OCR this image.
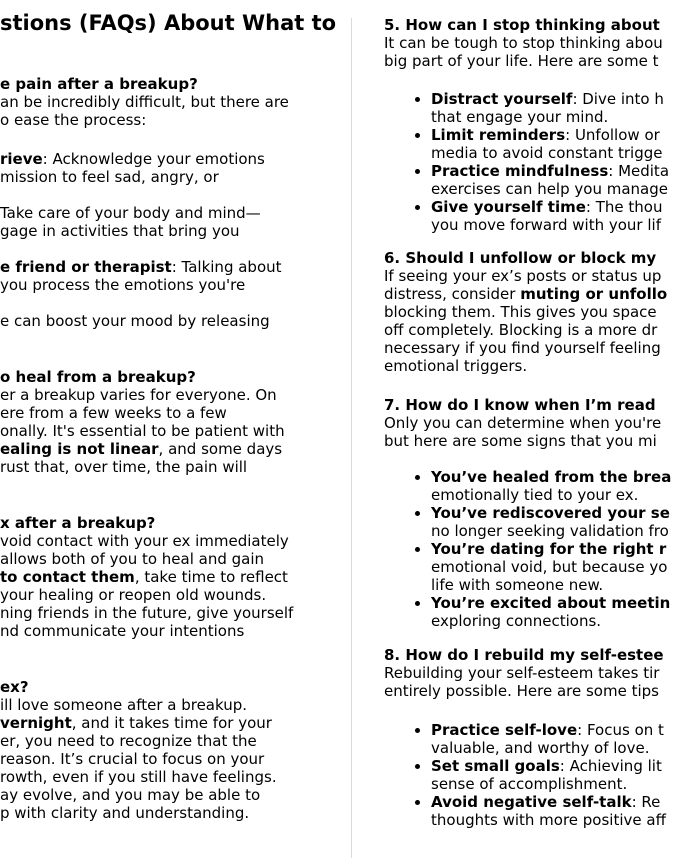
stions (FAQs) About What to
e pain after a breakup?
an be incredibly difficult, but there are
o ease the process:
rieve: Acknowledge your emotions
mission to feel sad, angry, or
Take care of your body and mind—
gage in activities that bring you
e friend or therapist: Talking about
you process the emotions you're
e can boost your mood by releasing
o heal from a breakup?
er a breakup varies for everyone. On
ere from a few weeks to a few
onally. It's essential to be patient with
ealing is not linear, and some days
rust that, over time, the pain will
x after a breakup?
void contact with your ex immediately
allows both of you to heal and gain
to contact them, take time to reflect
your healing or reopen old wounds.
ning friends in the future, give yourself
nd communicate your intentions
ex?
ill love someone after a breakup.
vernight, and it takes time for your
er, you need to recognize that the
reason. It’s crucial to focus on your
rowth, even if you still have feelings.
ay evolve, and you may be able to
p with clarity and understanding.
5. How can I stop thinking about
It can be tough to stop thinking abou
big part of your life. Here are some t
• Distract yourself: Dive into h
that engage your mind.
• Limit reminders: Unfollow or
media to avoid constant trigge
• Practice mindfulness: Medita
exercises can help you manage
• Give yourself time: The thou
you move forward with your lif
6. Should I unfollow or block my
If seeing your ex’s posts or status up
distress, consider muting or unfollo
blocking them. This gives you space
off completely. Blocking is a more dr
necessary if you find yourself feeling
emotional triggers.
7. How do I know when I’m read
Only you can determine when you're
but here are some signs that you mi
• You’ve healed from the brea
emotionally tied to your ex.
• You’ve rediscovered your se
no longer seeking validation fro
• You’re dating for the right r
emotional void, but because yo
life with someone new.
• You’re excited about meetin
exploring connections.
8. How do I rebuild my self-estee
Rebuilding your self-esteem takes tir
entirely possible. Here are some tips
• Practice self-love: Focus on t
valuable, and worthy of love.
• Set small goals: Achieving lit
sense of accomplishment.
• Avoid negative self-talk: Re
thoughts with more positive aff
